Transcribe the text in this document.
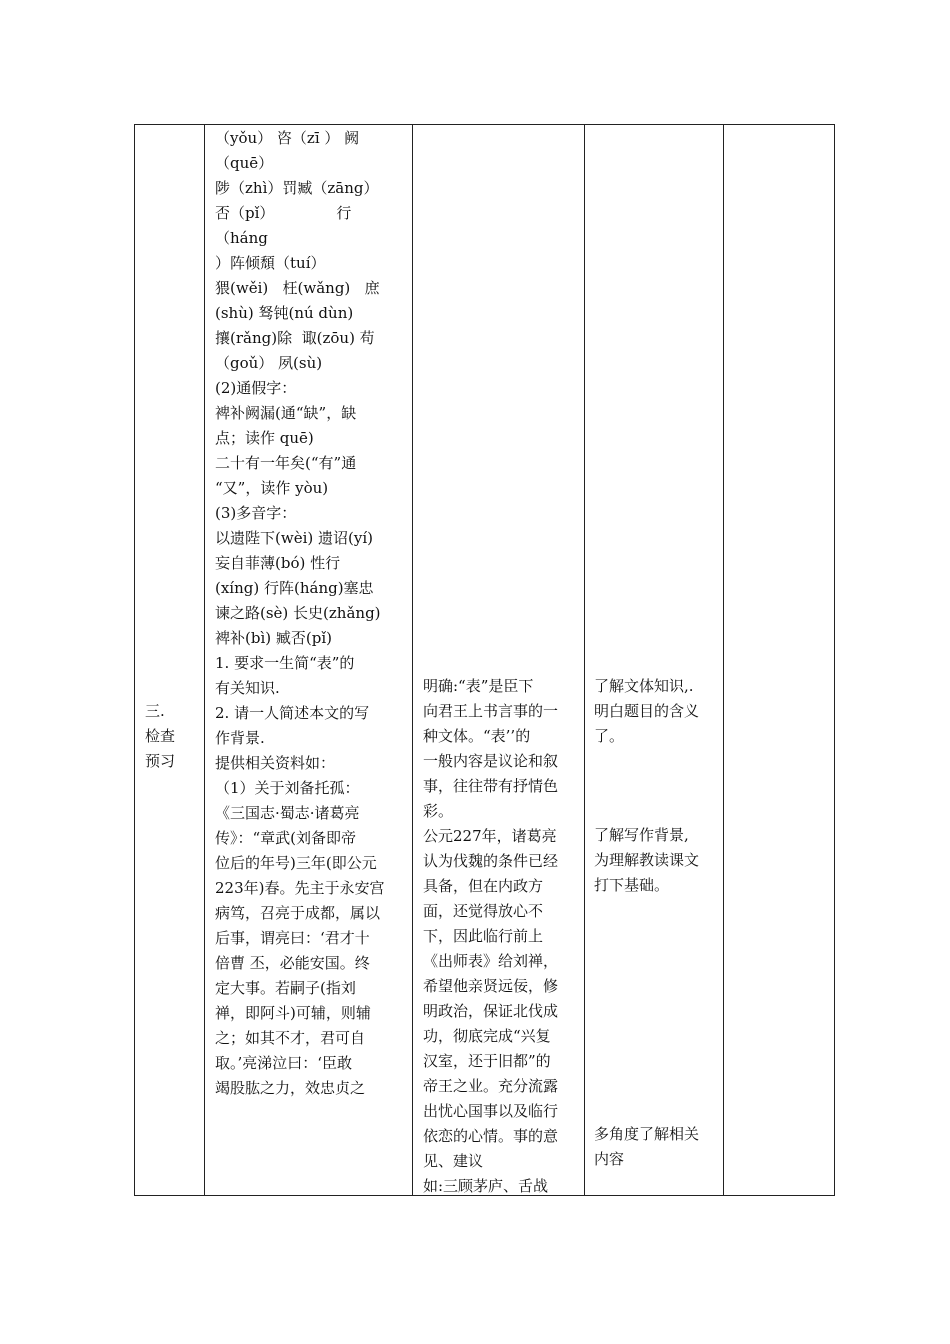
三.
检查
预习
（yǒu） 咨（zī ） 阙
（quē）
陟（zhì）罚臧（zāng）
否（pǐ）             行
（háng
）阵倾頹（tuí）
猥(wěi)   枉(wǎng)   庶
(shù) 驽钝(nú dùn)
攘(rǎng)除  诹(zōu) 苟
（goǔ） 夙(sù)
(2)通假字：
裨补阙漏(通“缺”，缺
点；读作 quē)
二十有一年矣(“有”通
“又”，读作 yòu)
(3)多音字：
以遗陛下(wèi) 遗诏(yí)
妄自菲薄(bó) 性行
(xíng) 行阵(háng)塞忠
谏之路(sè) 长史(zhǎng)
裨补(bì) 臧否(pǐ)
1. 要求一生简“表”的
有关知识.
2. 请一人简述本文的写
作背景.
提供相关资料如：
（1）关于刘备托孤：
《三国志·蜀志·诸葛亮
传》：“章武(刘备即帝
位后的年号)三年(即公元
223年)春。先主于永安宫
病笃，召亮于成都，属以
后事，谓亮曰：‘君才十
倍曹 丕，必能安国。终
定大事。若嗣子(指刘
禅，即阿斗)可辅，则辅
之；如其不才，君可自
取。’亮涕泣曰：‘臣敢
竭股肱之力，效忠贞之
明确:“表”是臣下
向君王上书言事的一
种文体。“表’’的
一般内容是议论和叙
事，往往带有抒情色
彩。
公元227年，诸葛亮
认为伐魏的条件已经
具备，但在内政方
面，还觉得放心不
下，因此临行前上
《出师表》给刘禅，
希望他亲贤远佞，修
明政治，保证北伐成
功，彻底完成“兴复
汉室，还于旧都”的
帝王之业。充分流露
出忧心国事以及临行
依恋的心情。事的意
见、建议
如:三顾茅庐、舌战
了解文体知识,.
明白题目的含义
了。
了解写作背景,
为理解教读课文
打下基础。
多角度了解相关
内容
